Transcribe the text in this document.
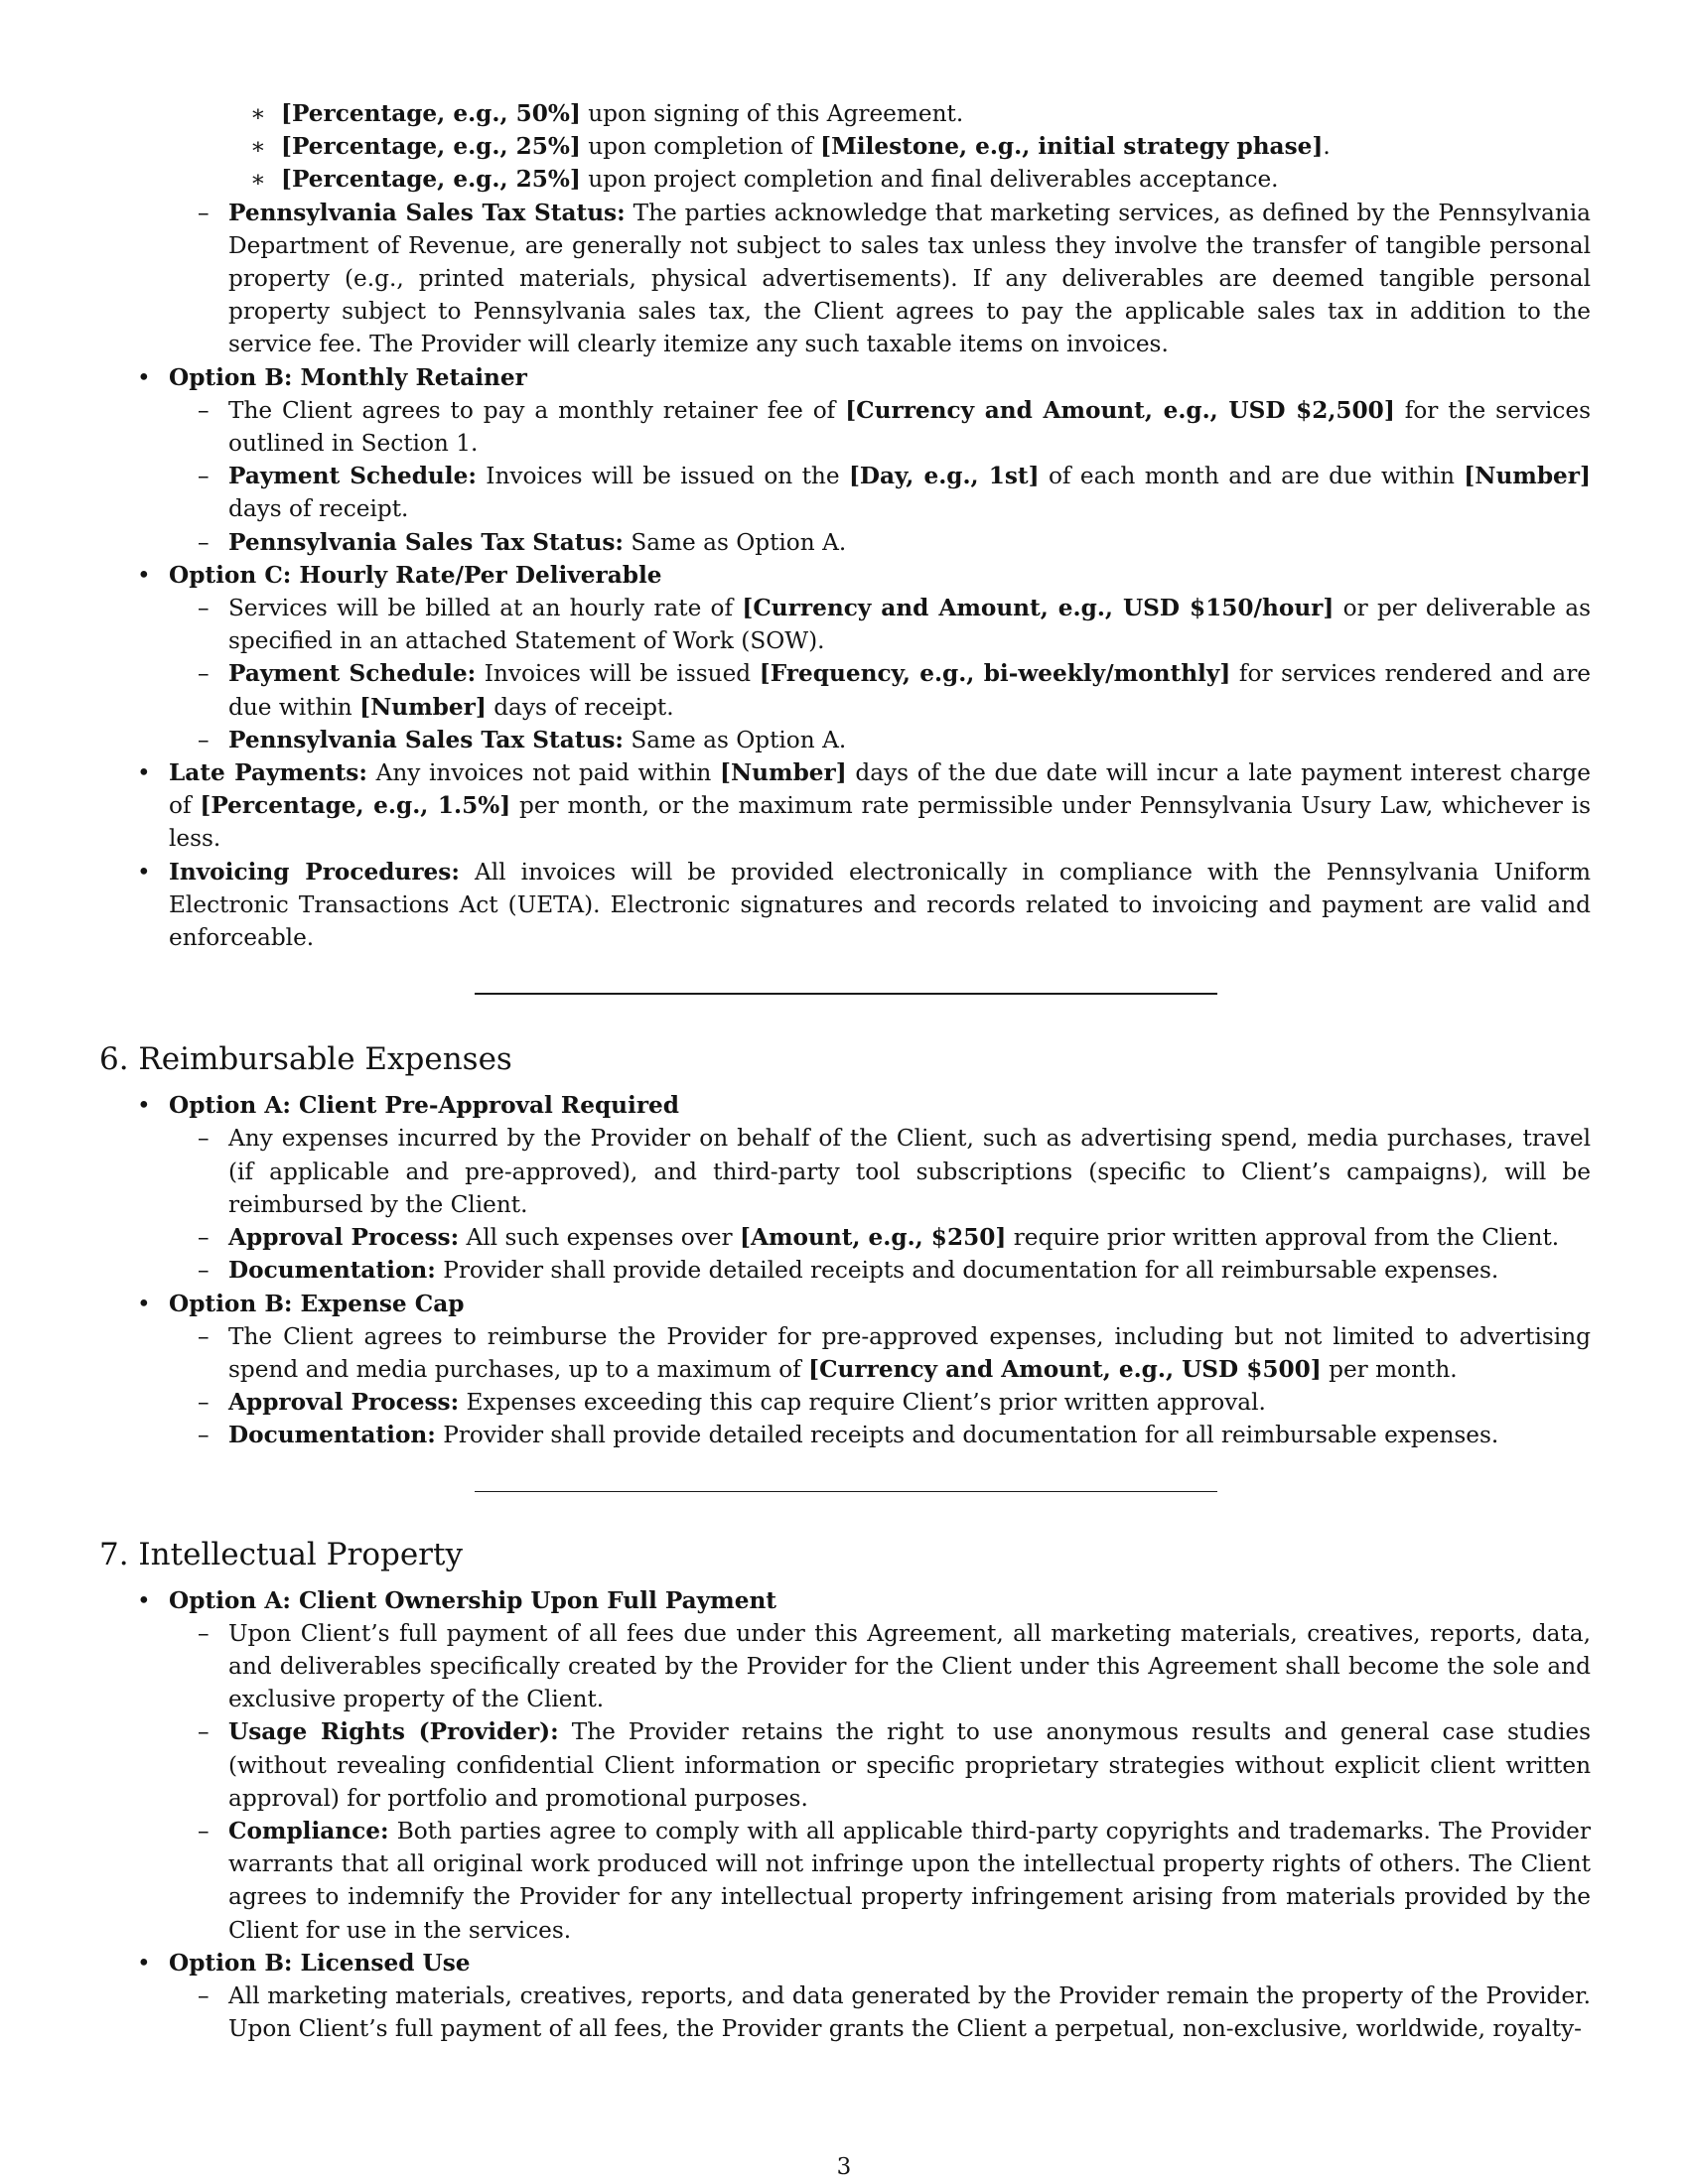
∗ [Percentage, e.g., 50%] upon signing of this Agreement.

∗ [Percentage, e.g., 25%] upon completion of [Milestone, e.g., initial strategy phase].

∗ [Percentage, e.g., 25%] upon project completion and final deliverables acceptance.

– Pennsylvania Sales Tax Status: The parties acknowledge that marketing services, as defined by the Pennsylvania Department of Revenue, are generally not subject to sales tax unless they involve the transfer of tangible personal property (e.g., printed materials, physical advertisements). If any deliverables are deemed tangible personal property subject to Pennsylvania sales tax, the Client agrees to pay the applicable sales tax in addition to the service fee. The Provider will clearly itemize any such taxable items on invoices.

• Option B: Monthly Retainer

– The Client agrees to pay a monthly retainer fee of [Currency and Amount, e.g., USD $2,500] for the services outlined in Section 1.

– Payment Schedule: Invoices will be issued on the [Day, e.g., 1st] of each month and are due within [Number] days of receipt.

– Pennsylvania Sales Tax Status: Same as Option A.

• Option C: Hourly Rate/Per Deliverable

– Services will be billed at an hourly rate of [Currency and Amount, e.g., USD $150/hour] or per deliverable as specified in an attached Statement of Work (SOW).

– Payment Schedule: Invoices will be issued [Frequency, e.g., bi-weekly/monthly] for services rendered and are due within [Number] days of receipt.

– Pennsylvania Sales Tax Status: Same as Option A.

• Late Payments: Any invoices not paid within [Number] days of the due date will incur a late payment interest charge of [Percentage, e.g., 1.5%] per month, or the maximum rate permissible under Pennsylvania Usury Law, whichever is less.

• Invoicing Procedures: All invoices will be provided electronically in compliance with the Pennsylvania Uniform Electronic Transactions Act (UETA). Electronic signatures and records related to invoicing and payment are valid and enforceable.

6. Reimbursable Expenses

• Option A: Client Pre-Approval Required

– Any expenses incurred by the Provider on behalf of the Client, such as advertising spend, media purchases, travel (if applicable and pre-approved), and third-party tool subscriptions (specific to Client’s campaigns), will be reimbursed by the Client.

– Approval Process: All such expenses over [Amount, e.g., $250] require prior written approval from the Client.

– Documentation: Provider shall provide detailed receipts and documentation for all reimbursable expenses.

• Option B: Expense Cap

– The Client agrees to reimburse the Provider for pre-approved expenses, including but not limited to advertising spend and media purchases, up to a maximum of [Currency and Amount, e.g., USD $500] per month.

– Approval Process: Expenses exceeding this cap require Client’s prior written approval.

– Documentation: Provider shall provide detailed receipts and documentation for all reimbursable expenses.

7. Intellectual Property

• Option A: Client Ownership Upon Full Payment

– Upon Client’s full payment of all fees due under this Agreement, all marketing materials, creatives, reports, data, and deliverables specifically created by the Provider for the Client under this Agreement shall become the sole and exclusive property of the Client.

– Usage Rights (Provider): The Provider retains the right to use anonymous results and general case studies (without revealing confidential Client information or specific proprietary strategies without explicit client written approval) for portfolio and promotional purposes.

– Compliance: Both parties agree to comply with all applicable third-party copyrights and trademarks. The Provider warrants that all original work produced will not infringe upon the intellectual property rights of others. The Client agrees to indemnify the Provider for any intellectual property infringement arising from materials provided by the Client for use in the services.

• Option B: Licensed Use

– All marketing materials, creatives, reports, and data generated by the Provider remain the property of the Provider. Upon Client’s full payment of all fees, the Provider grants the Client a perpetual, non-exclusive, worldwide, royalty-

3
